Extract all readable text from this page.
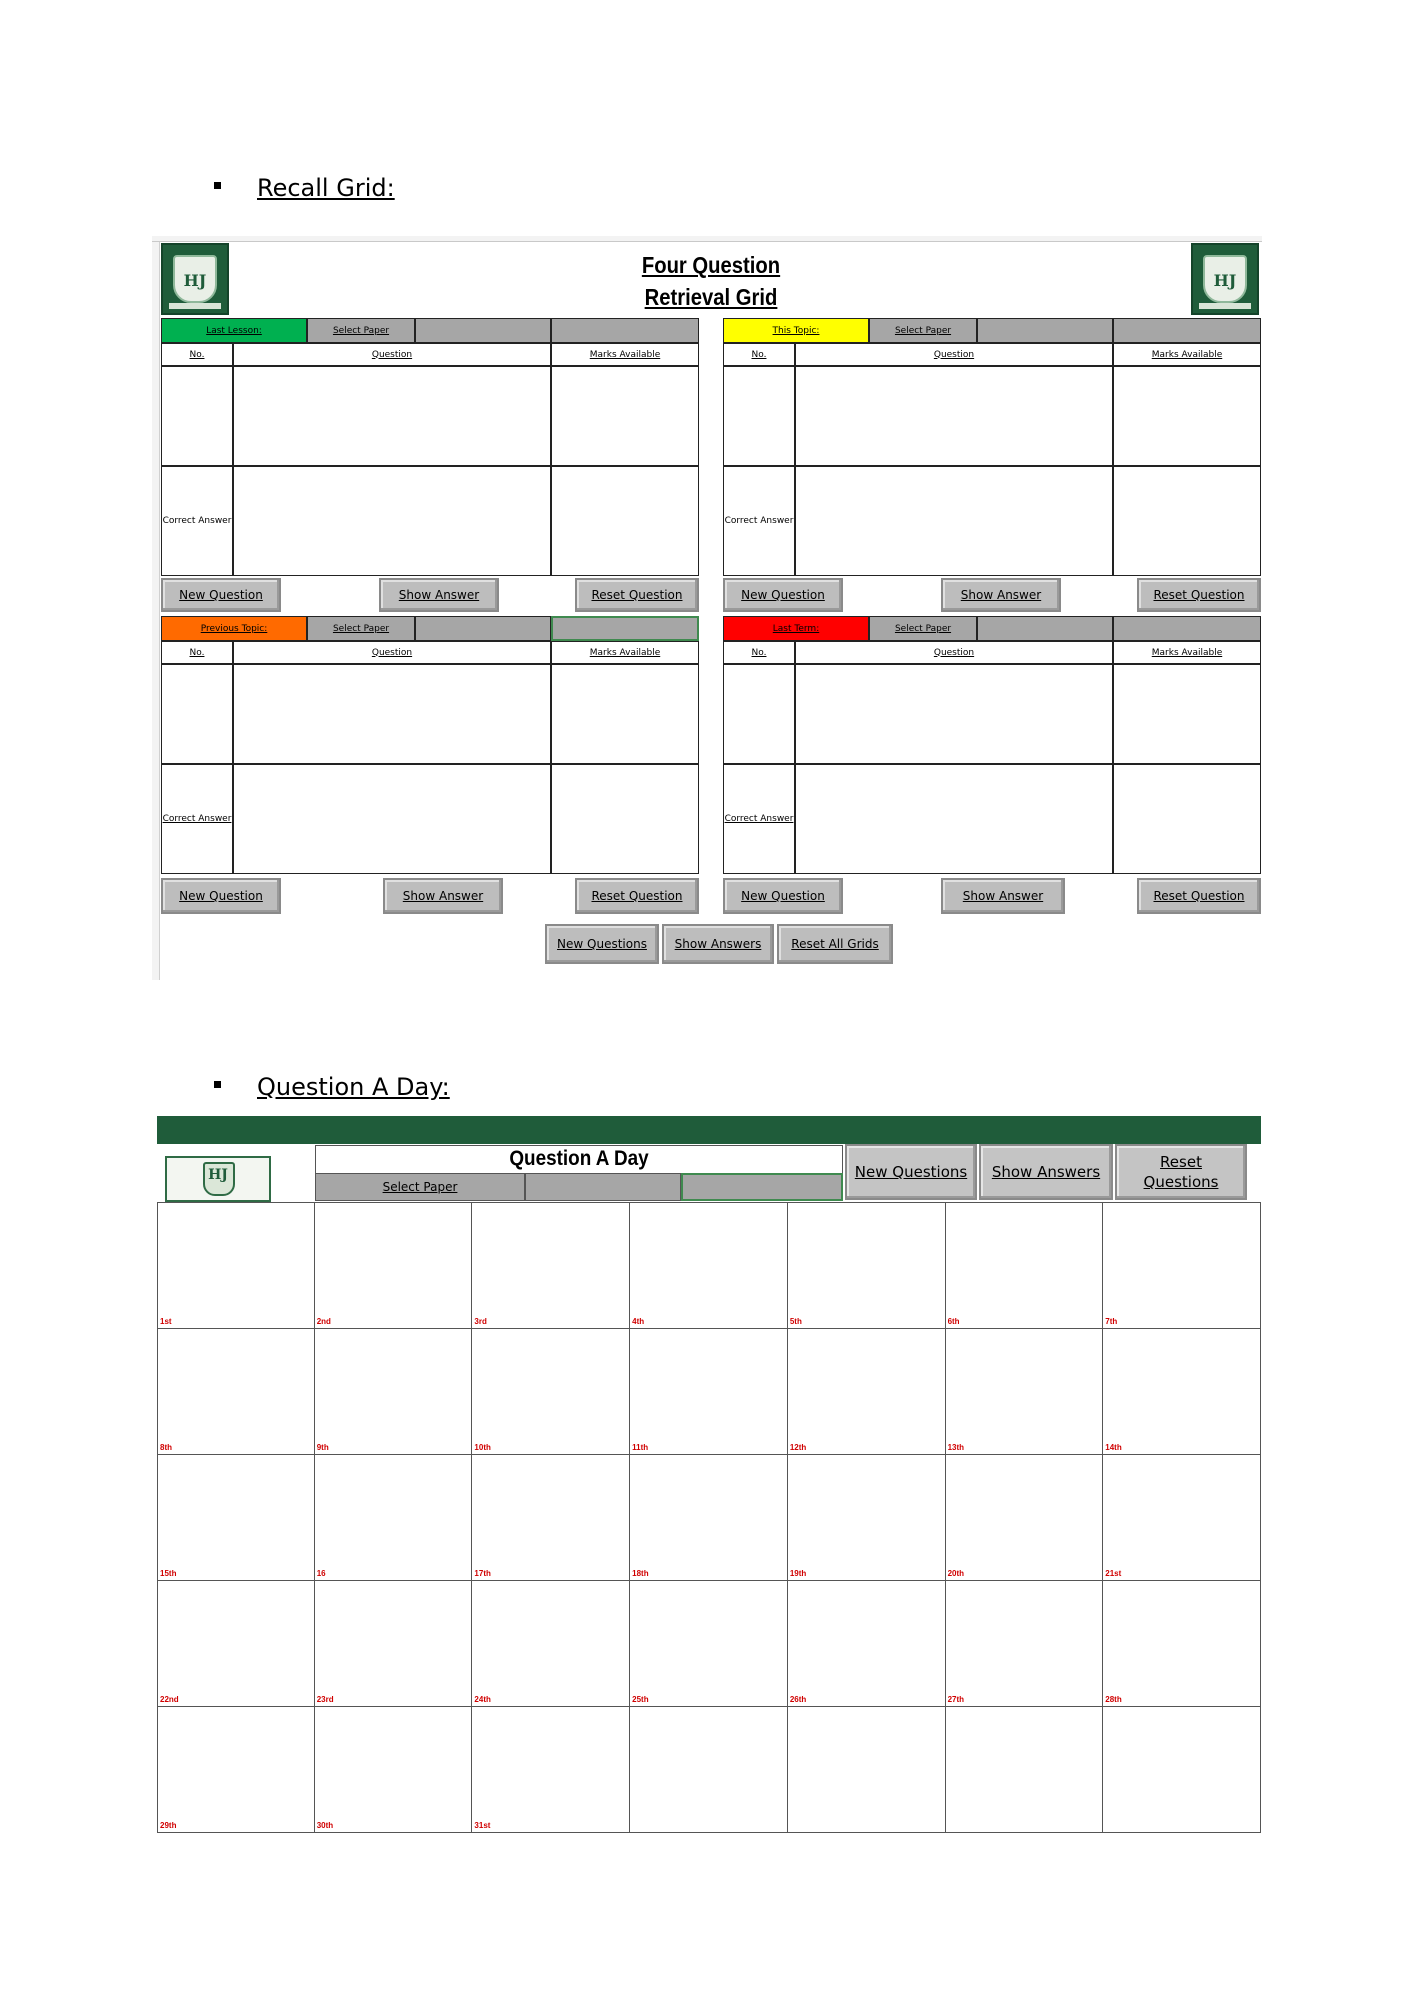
Recall Grid:
HJ
Four Question
Retrieval Grid
HJ
Last Lesson:	Select Paper
No.	Question	Marks Available
Correct Answer
New Question	Show Answer	Reset Question
This Topic:	Select Paper
No.	Question	Marks Available
Correct Answer
New Question	Show Answer	Reset Question
Previous Topic:	Select Paper
No.	Question	Marks Available
Correct Answer
New Question	Show Answer	Reset Question
Last Term:	Select Paper
No.	Question	Marks Available
Correct Answer
New Question	Show Answer	Reset Question
New Questions	Show Answers	Reset All Grids
Question A Day:
HJ
Question A Day
Select Paper
New Questions	Show Answers
Reset Questions
1st	2nd	3rd	4th	5th	6th	7th
8th	9th	10th	11th	12th	13th	14th
15th	16	17th	18th	19th	20th	21st
22nd	23rd	24th	25th	26th	27th	28th
29th	30th	31st
